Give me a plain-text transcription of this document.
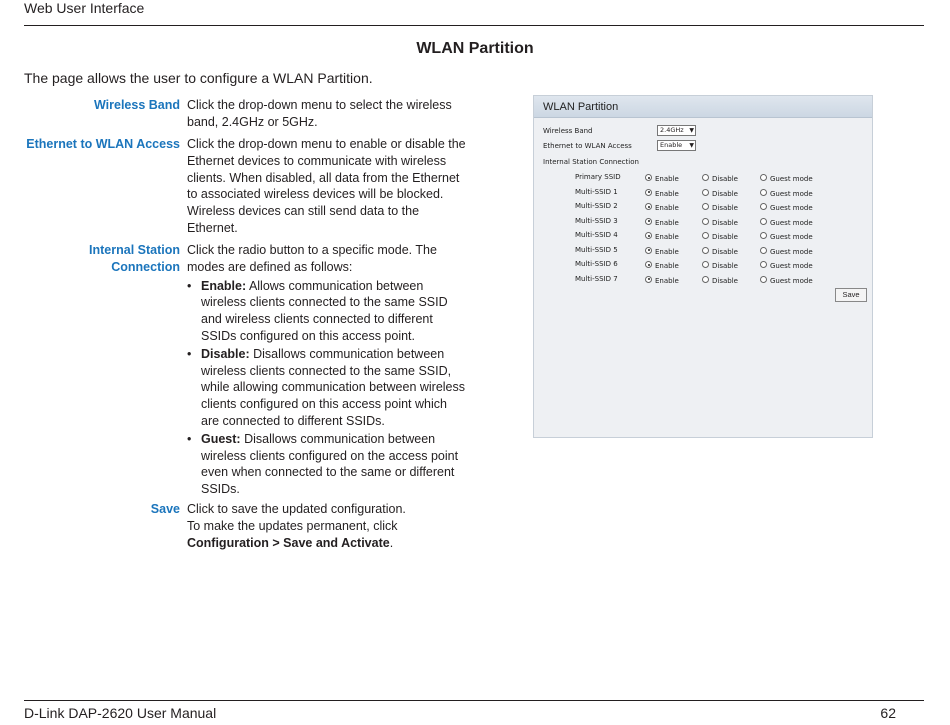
Web User Interface
WLAN Partition
The page allows the user to configure a WLAN Partition.
Wireless Band Click the drop-down menu to select the wireless band, 2.4GHz or 5GHz.
Ethernet to WLAN Access Click the drop-down menu to enable or disable the Ethernet devices to communicate with wireless clients. When disabled, all data from the Ethernet to associated wireless devices will be blocked. Wireless devices can still send data to the Ethernet.
Internal Station
Connection
Click the radio button to a specific mode. The modes are defined as follows:
• Enable: Allows communication between wireless clients connected to the same SSID and wireless clients connected to different SSIDs configured on this access point.
• Disable: Disallows communication between wireless clients connected to the same SSID, while allowing communication between wireless clients configured on this access point which are connected to different SSIDs.
• Guest: Disallows communication between wireless clients configured on the access point even when connected to the same or different SSIDs.
Save Click to save the updated configuration.
To make the updates permanent, click
Configuration > Save and Activate.
WLAN Partition
Wireless Band	2.4GHz ▼
Ethernet to WLAN Access	Enable ▼
Internal Station Connection
Primary SSID	Enable	Disable	Guest mode
Multi-SSID 1	Enable	Disable	Guest mode
Multi-SSID 2	Enable	Disable	Guest mode
Multi-SSID 3	Enable	Disable	Guest mode
Multi-SSID 4	Enable	Disable	Guest mode
Multi-SSID 5	Enable	Disable	Guest mode
Multi-SSID 6	Enable	Disable	Guest mode
Multi-SSID 7	Enable	Disable	Guest mode
Save
D-Link DAP-2620 User Manual	62
